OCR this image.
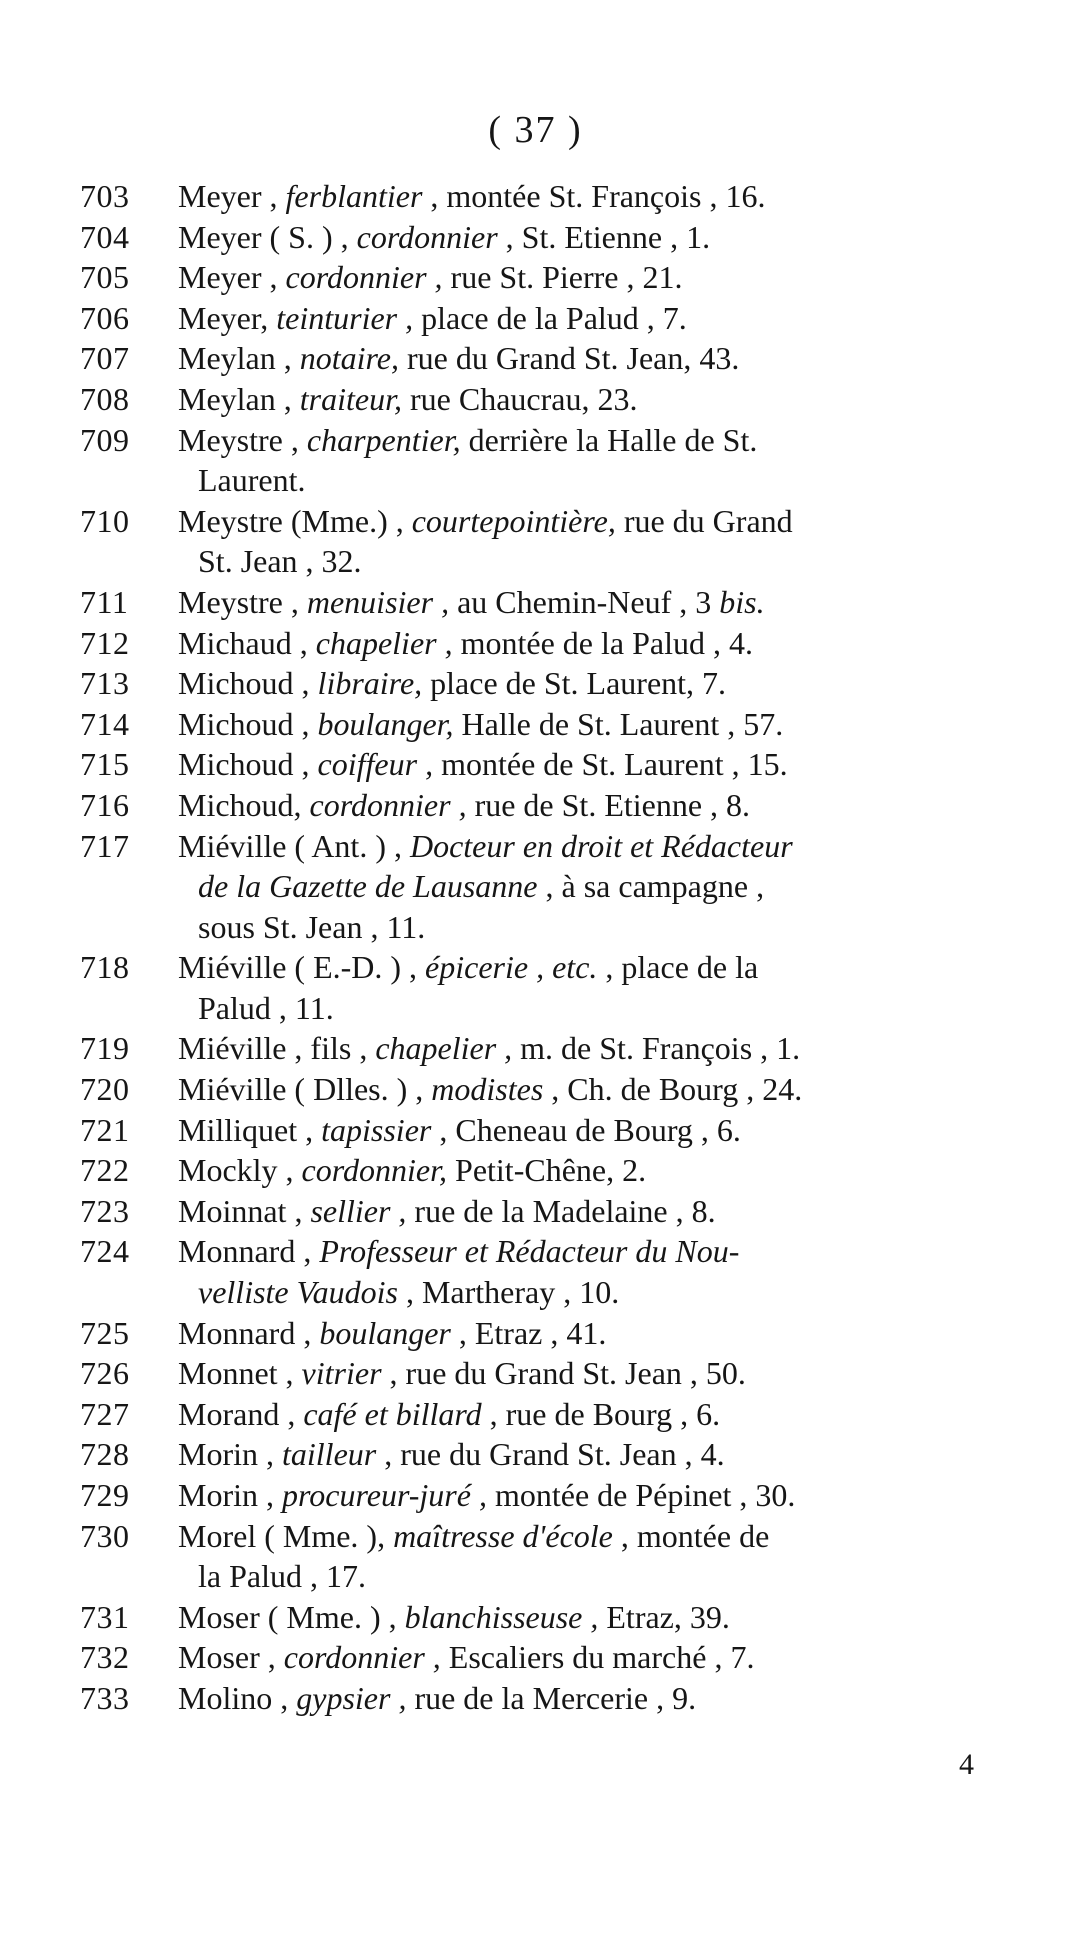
( 37 )
703	Meyer , ferblantier , montée St. François , 16.
704	Meyer ( S. ) , cordonnier , St. Etienne , 1.
705	Meyer , cordonnier , rue St. Pierre , 21.
706	Meyer, teinturier , place de la Palud , 7.
707	Meylan , notaire, rue du Grand St. Jean, 43.
708	Meylan , traiteur, rue Chaucrau, 23.
709	Meystre , charpentier, derrière la Halle de St.
Laurent.
710	Meystre (Mme.) , courtepointière, rue du Grand
St. Jean , 32.
711	Meystre , menuisier , au Chemin-Neuf , 3 bis.
712	Michaud , chapelier , montée de la Palud , 4.
713	Michoud , libraire, place de St. Laurent, 7.
714	Michoud , boulanger, Halle de St. Laurent , 57.
715	Michoud , coiffeur , montée de St. Laurent , 15.
716	Michoud, cordonnier , rue de St. Etienne , 8.
717	Miéville ( Ant. ) , Docteur en droit et Rédacteur
de la Gazette de Lausanne , à sa campagne ,
sous St. Jean , 11.
718	Miéville ( E.-D. ) , épicerie , etc. , place de la
Palud , 11.
719	Miéville , fils , chapelier , m. de St. François , 1.
720	Miéville ( Dlles. ) , modistes , Ch. de Bourg , 24.
721	Milliquet , tapissier , Cheneau de Bourg , 6.
722	Mockly , cordonnier, Petit-Chêne, 2.
723	Moinnat , sellier , rue de la Madelaine , 8.
724	Monnard , Professeur et Rédacteur du Nou-
velliste Vaudois , Martheray , 10.
725	Monnard , boulanger , Etraz , 41.
726	Monnet , vitrier , rue du Grand St. Jean , 50.
727	Morand , café et billard , rue de Bourg , 6.
728	Morin , tailleur , rue du Grand St. Jean , 4.
729	Morin , procureur-juré , montée de Pépinet , 30.
730	Morel ( Mme. ), maîtresse d'école , montée de
la Palud , 17.
731	Moser ( Mme. ) , blanchisseuse , Etraz, 39.
732	Moser , cordonnier , Escaliers du marché , 7.
733	Molino , gypsier , rue de la Mercerie , 9.
4
